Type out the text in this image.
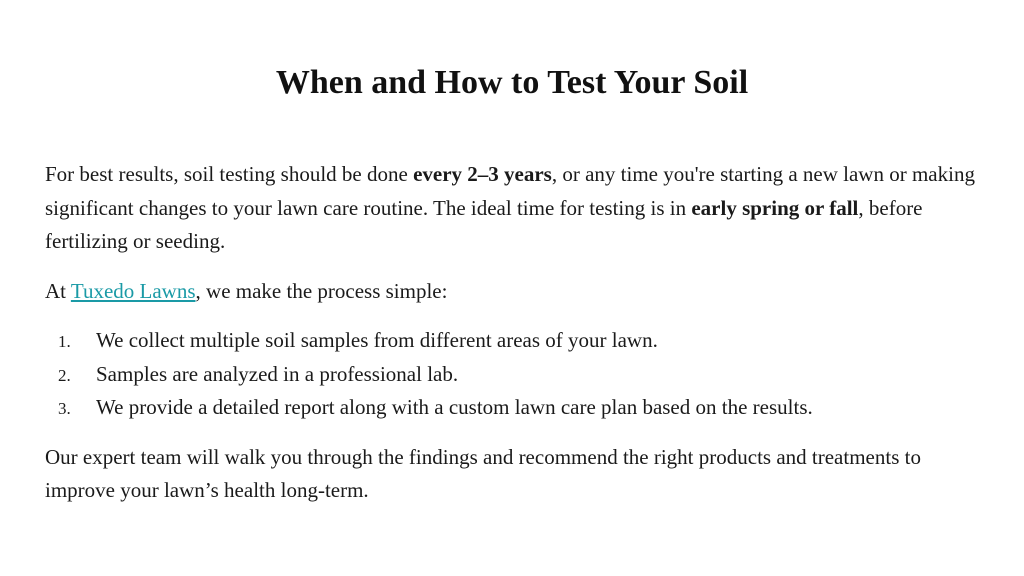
When and How to Test Your Soil

For best results, soil testing should be done every 2–3 years, or any time you're starting a new lawn or making significant changes to your lawn care routine. The ideal time for testing is in early spring or fall, before fertilizing or seeding.

At Tuxedo Lawns, we make the process simple:

1. We collect multiple soil samples from different areas of your lawn.
2. Samples are analyzed in a professional lab.
3. We provide a detailed report along with a custom lawn care plan based on the results.

Our expert team will walk you through the findings and recommend the right products and treatments to improve your lawn’s health long-term.
